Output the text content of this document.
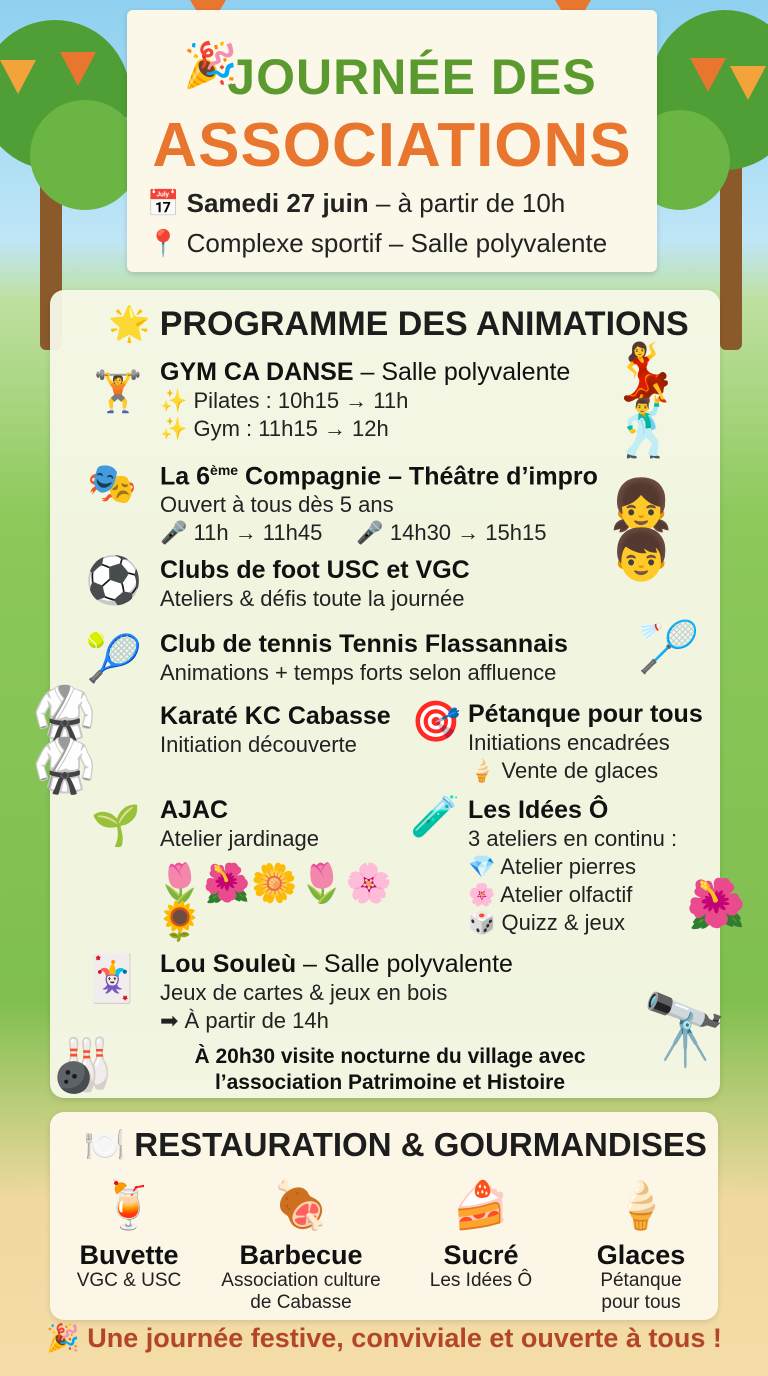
🎉
JOURNÉE DES
ASSOCIATIONS
📅 Samedi 27 juin – à partir de 10h
📍 Complexe sportif – Salle polyvalente
🌟 PROGRAMME DES ANIMATIONS
🏋️ GYM CA DANSE – Salle polyvalente
✨ Pilates : 10h15 → 11h
✨ Gym : 11h15 → 12h
💃🕺
🎭 La 6ème Compagnie – Théâtre d’impro
Ouvert à tous dès 5 ans
🎤 11h → 11h45 🎤 14h30 → 15h15	👧👦
⚽ Clubs de foot USC et VGC
Ateliers & défis toute la journée
🎾 Club de tennis Tennis Flassannais
Animations + temps forts selon affluence 🏸
🥋🥋
Karaté KC Cabasse
Initiation découverte
🎯 Pétanque pour tous
Initiations encadrées
🍦 Vente de glaces
🌱 AJAC
Atelier jardinage 🧪 Les Idées Ô
3 ateliers en continu :
💎 Atelier pierres
🌸 Atelier olfactif
🎲 Quizz & jeux
🌷🌺🌼🌷🌸🌻	🌺
🃏 Lou Souleù – Salle polyvalente
Jeux de cartes & jeux en bois
➡ À partir de 14h	🔭
🎳	À 20h30 visite nocturne du village avec
l’association Patrimoine et Histoire
🍽️ RESTAURATION & GOURMANDISES
🍹
Buvette
VGC & USC
🍖
Barbecue
Association culture
de Cabasse
🍰
Sucré
Les Idées Ô
🍦
Glaces
Pétanque
pour tous
🎉 Une journée festive, conviviale et ouverte à tous !
